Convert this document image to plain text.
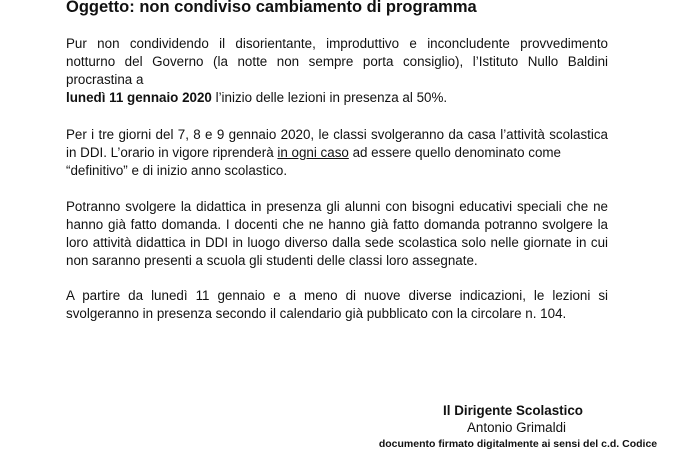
Oggetto: non condiviso cambiamento di programma
Pur non condividendo il disorientante, improduttivo e inconcludente provvedimento
notturno del Governo (la notte non sempre porta consiglio), l’Istituto Nullo Baldini
procrastina a
lunedì 11 gennaio 2020 l’inizio delle lezioni in presenza al 50%.
Per i tre giorni del 7, 8 e 9 gennaio 2020, le classi svolgeranno da casa l’attività scolastica
in DDI. L’orario in vigore riprenderà in ogni caso ad essere quello denominato come
“definitivo” e di inizio anno scolastico.
Potranno svolgere la didattica in presenza gli alunni con bisogni educativi speciali che ne
hanno già fatto domanda. I docenti che ne hanno già fatto domanda potranno svolgere la
loro attività didattica in DDI in luogo diverso dalla sede scolastica solo nelle giornate in cui
non saranno presenti a scuola gli studenti delle classi loro assegnate.
A partire da lunedì 11 gennaio e a meno di nuove diverse indicazioni, le lezioni si
svolgeranno in presenza secondo il calendario già pubblicato con la circolare n. 104.
Il Dirigente Scolastico
Antonio Grimaldi
documento firmato digitalmente ai sensi del c.d. Codice
